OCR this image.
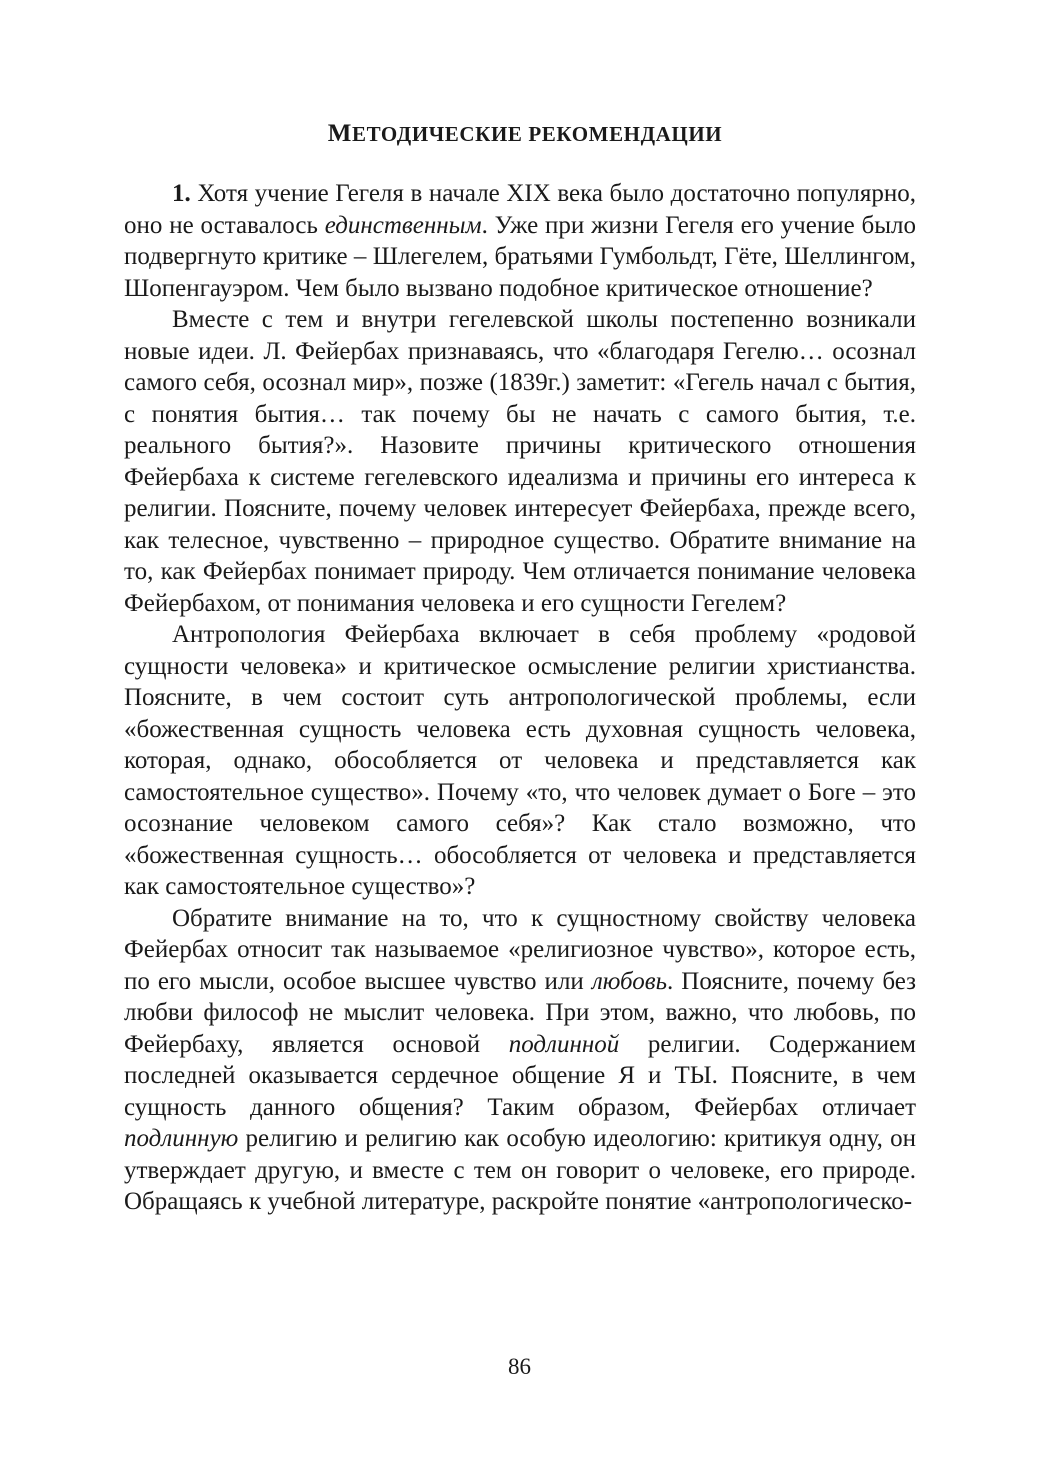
МЕТОДИЧЕСКИЕ РЕКОМЕНДАЦИИ

1. Хотя учение Гегеля в начале XIX века было достаточно популярно, оно не оставалось единственным. Уже при жизни Гегеля его учение было подвергнуто критике – Шлегелем, братьями Гумбольдт, Гёте, Шеллингом, Шопенгауэром. Чем было вызвано подобное критическое отношение?

Вместе с тем и внутри гегелевской школы постепенно возникали новые идеи. Л. Фейербах признаваясь, что «благодаря Гегелю… осознал самого себя, осознал мир», позже (1839г.) заметит: «Гегель начал с бытия, с понятия бытия… так почему бы не начать с самого бытия, т.е. реального бытия?». Назовите причины критического отношения Фейербаха к системе гегелевского идеализма и причины его интереса к религии. Поясните, почему человек интересует Фейербаха, прежде всего, как телесное, чувственно – природное существо. Обратите внимание на то, как Фейербах понимает природу. Чем отличается понимание человека Фейербахом, от понимания человека и его сущности Гегелем?

Антропология Фейербаха включает в себя проблему «родовой сущности человека» и критическое осмысление религии христианства. Поясните, в чем состоит суть антропологической проблемы, если «божественная сущность человека есть духовная сущность человека, которая, однако, обособляется от человека и представляется как самостоятельное существо». Почему «то, что человек думает о Боге – это осознание человеком самого себя»? Как стало возможно, что «божественная сущность… обособляется от человека и представляется как самостоятельное существо»?

Обратите внимание на то, что к сущностному свойству человека Фейербах относит так называемое «религиозное чувство», которое есть, по его мысли, особое высшее чувство или любовь. Поясните, почему без любви философ не мыслит человека. При этом, важно, что любовь, по Фейербаху, является основой подлинной религии. Содержанием последней оказывается сердечное общение Я и ТЫ. Поясните, в чем сущность данного общения? Таким образом, Фейербах отличает подлинную религию и религию как особую идеологию: критикуя одну, он утверждает другую, и вместе с тем он говорит о человеке, его природе. Обращаясь к учебной литературе, раскройте понятие «антропологическо-

86
